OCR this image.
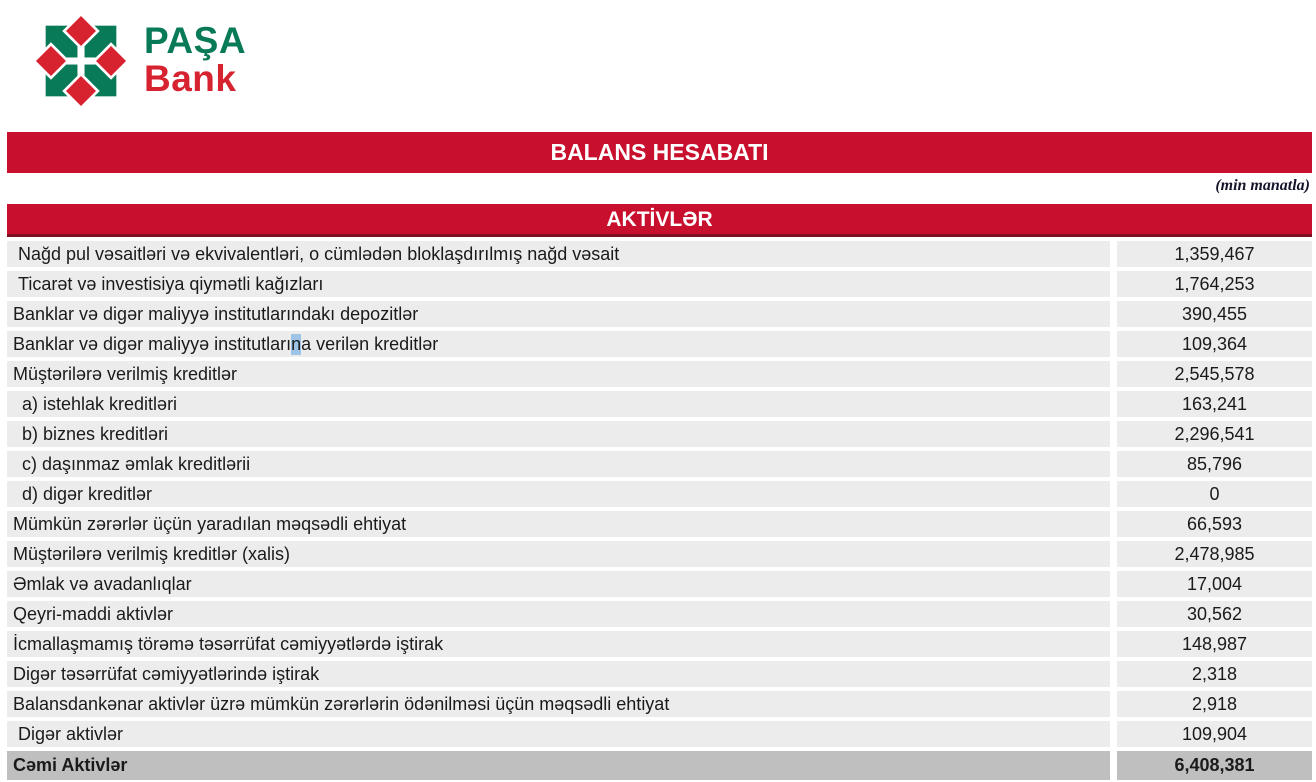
PAŞA
Bank
BALANS HESABATI
(min manatla)
AKTİVLƏR
Nağd pul vəsaitləri və ekvivalentləri, o cümlədən bloklaşdırılmış nağd vəsait	1,359,467
Ticarət və investisiya qiymətli kağızları	1,764,253
Banklar və digər maliyyə institutlarındakı depozitlər	390,455
Banklar və digər maliyyə institutları n a verilən kreditlər	109,364
Müştərilərə verilmiş kreditlər	2,545,578
a) istehlak kreditləri	163,241
b) biznes kreditləri	2,296,541
c) daşınmaz əmlak kreditlərii	85,796
d) digər kreditlər	0
Mümkün zərərlər üçün yaradılan məqsədli ehtiyat	66,593
Müştərilərə verilmiş kreditlər (xalis)	2,478,985
Əmlak və avadanlıqlar	17,004
Qeyri-maddi aktivlər	30,562
İcmallaşmamış törəmə təsərrüfat cəmiyyətlərdə iştirak	148,987
Digər təsərrüfat cəmiyyətlərində iştirak	2,318
Balansdankənar aktivlər üzrə mümkün zərərlərin ödənilməsi üçün məqsədli ehtiyat	2,918
Digər aktivlər	109,904
Cəmi Aktivlər	6,408,381
